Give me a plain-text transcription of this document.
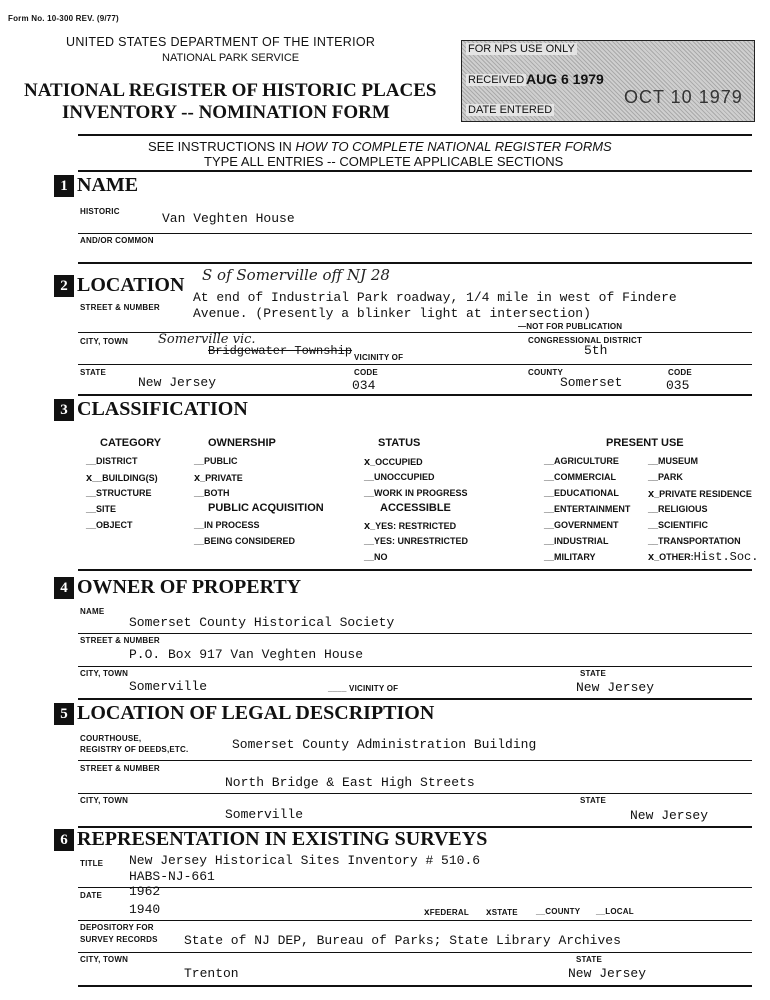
Form No. 10-300 REV. (9/77)
UNITED STATES DEPARTMENT OF THE INTERIOR
NATIONAL PARK SERVICE
NATIONAL REGISTER OF HISTORIC PLACES
INVENTORY -- NOMINATION FORM
FOR NPS USE ONLY
RECEIVED AUG 6 1979
OCT 10 1979
DATE ENTERED
SEE INSTRUCTIONS IN HOW TO COMPLETE NATIONAL REGISTER FORMS
TYPE ALL ENTRIES -- COMPLETE APPLICABLE SECTIONS
1 NAME
HISTORIC	Van Veghten House
AND/OR COMMON
2 LOCATION S of Somerville off NJ 28
STREET & NUMBER
At end of Industrial Park roadway, 1/4 mile in west of Findere
Avenue. (Presently a blinker light at intersection)
—NOT FOR PUBLICATION
CITY, TOWN Somerville vic.
Bridgewater Township VICINITY OF
CONGRESSIONAL DISTRICT
5th
STATE
New Jersey
CODE
034
COUNTY
Somerset
CODE
035
3 CLASSIFICATION
CATEGORY	OWNERSHIP	STATUS	PRESENT USE
__DISTRICT
x__BUILDING(S)
__STRUCTURE
__SITE
__OBJECT
__PUBLIC
x_PRIVATE
__BOTH
PUBLIC ACQUISITION
__IN PROCESS
__BEING CONSIDERED
x_OCCUPIED
__UNOCCUPIED
__WORK IN PROGRESS
ACCESSIBLE
x_YES: RESTRICTED
__YES: UNRESTRICTED
__NO
__AGRICULTURE
__COMMERCIAL
__EDUCATIONAL
__ENTERTAINMENT
__GOVERNMENT
__INDUSTRIAL
__MILITARY
__MUSEUM
__PARK
x_PRIVATE RESIDENCE
__RELIGIOUS
__SCIENTIFIC
__TRANSPORTATION
x_OTHER:Hist.Soc.
4 OWNER OF PROPERTY
NAME
Somerset County Historical Society
STREET & NUMBER
P.O. Box 917 Van Veghten House
CITY, TOWN
Somerville	____ VICINITY OF
STATE
New Jersey
5 LOCATION OF LEGAL DESCRIPTION
COURTHOUSE,
REGISTRY OF DEEDS,ETC.	Somerset County Administration Building
STREET & NUMBER
North Bridge & East High Streets
CITY, TOWN
Somerville
STATE
New Jersey
6 REPRESENTATION IN EXISTING SURVEYS
TITLE New Jersey Historical Sites Inventory # 510.6
HABS-NJ-661
DATE 1962
1940	xFEDERAL xSTATE __COUNTY __LOCAL
DEPOSITORY FOR
SURVEY RECORDS State of NJ DEP, Bureau of Parks; State Library Archives
CITY, TOWN
Trenton
STATE
New Jersey
